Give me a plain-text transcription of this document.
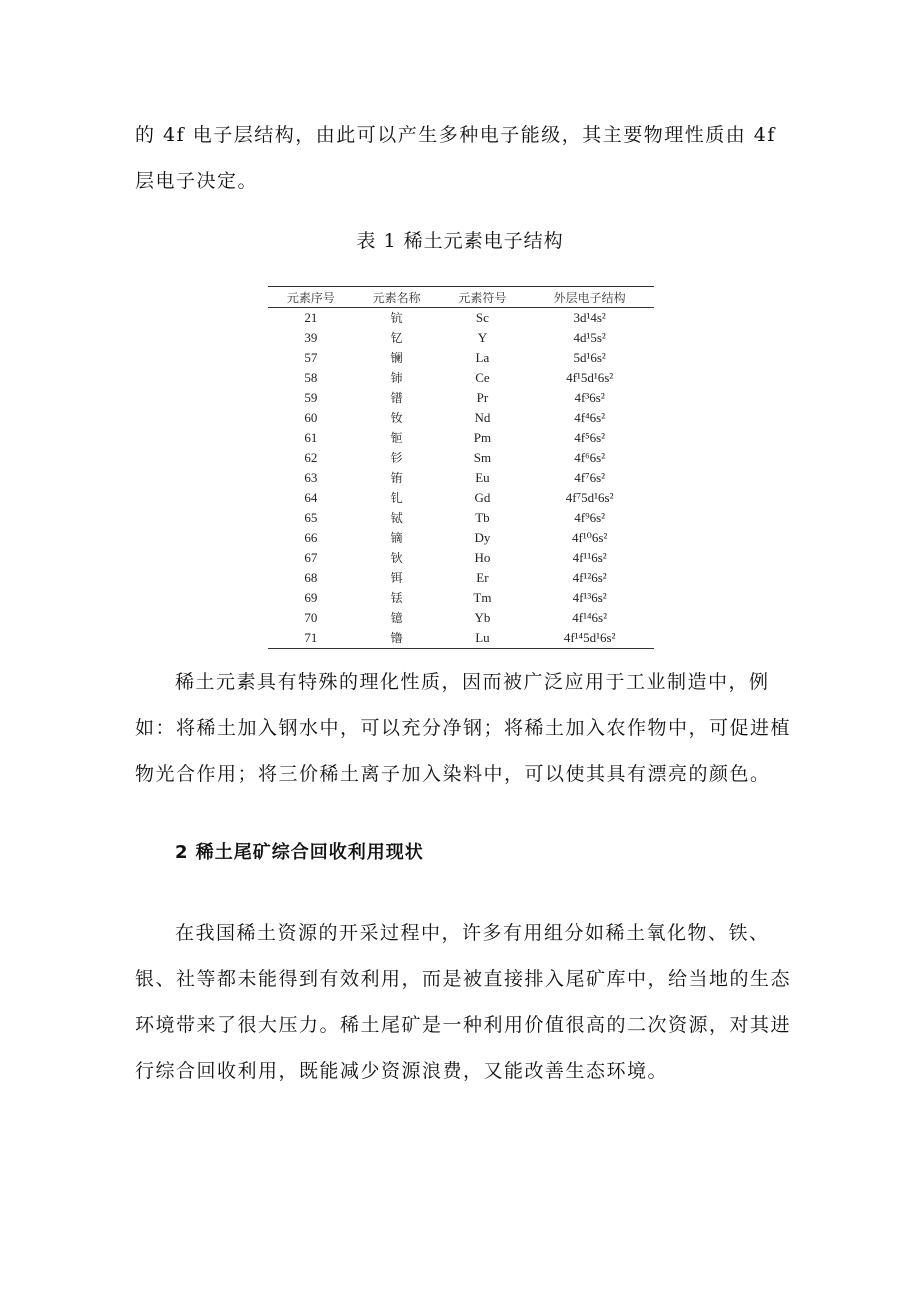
的 4f 电子层结构，由此可以产生多种电子能级，其主要物理性质由 4f 层电子决定。

表 1 稀土元素电子结构
元素序号	元素名称	元素符号	外层电子结构
21	钪	Sc	3d¹4s²
39	钇	Y	4d¹5s²
57	镧	La	5d¹6s²
58	铈	Ce	4f¹5d¹6s²
59	镨	Pr	4f³6s²
60	钕	Nd	4f⁴6s²
61	钷	Pm	4f⁵6s²
62	钐	Sm	4f⁶6s²
63	铕	Eu	4f⁷6s²
64	钆	Gd	4f⁷5d¹6s²
65	铽	Tb	4f⁹6s²
66	镝	Dy	4f¹⁰6s²
67	钬	Ho	4f¹¹6s²
68	铒	Er	4f¹²6s²
69	铥	Tm	4f¹³6s²
70	镱	Yb	4f¹⁴6s²
71	镥	Lu	4f¹⁴5d¹6s²

稀土元素具有特殊的理化性质，因而被广泛应用于工业制造中，例如：将稀土加入钢水中，可以充分净钢；将稀土加入农作物中，可促进植物光合作用；将三价稀土离子加入染料中，可以使其具有漂亮的颜色。

2 稀土尾矿综合回收利用现状

在我国稀土资源的开采过程中，许多有用组分如稀土氧化物、铁、银、社等都未能得到有效利用，而是被直接排入尾矿库中，给当地的生态环境带来了很大压力。稀土尾矿是一种利用价值很高的二次资源，对其进行综合回收利用，既能减少资源浪费，又能改善生态环境。
